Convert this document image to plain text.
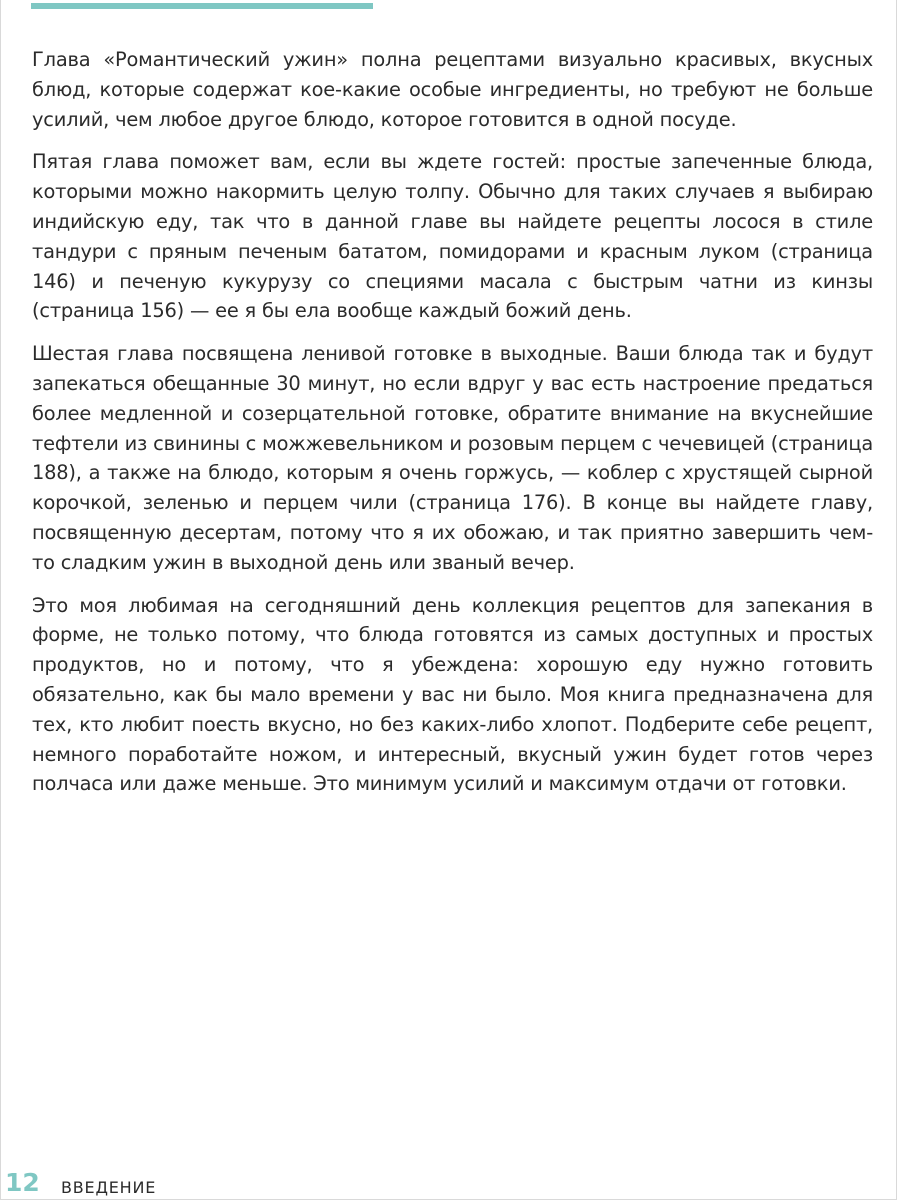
Глава «Романтический ужин» полна рецептами визуально красивых, вкусных блюд, которые содержат кое-какие особые ингредиенты, но требуют не больше усилий, чем любое другое блюдо, которое готовится в одной посуде.

Пятая глава поможет вам, если вы ждете гостей: простые запеченные блюда, которыми можно накормить целую толпу. Обычно для таких случаев я выбираю индийскую еду, так что в данной главе вы найдете рецепты лосося в стиле тандури с пряным печеным бататом, помидорами и красным луком (страница 146) и печеную кукурузу со специями масала с быстрым чатни из кинзы (страница 156) — ее я бы ела вообще каждый божий день.

Шестая глава посвящена ленивой готовке в выходные. Ваши блюда так и будут запекаться обещанные 30 минут, но если вдруг у вас есть настроение предаться более медленной и созерцательной готовке, обратите внимание на вкуснейшие тефтели из свинины с можжевельником и розовым перцем с чечевицей (страница 188), а также на блюдо, которым я очень горжусь, — коблер с хрустящей сырной корочкой, зеленью и перцем чили (страница 176). В конце вы найдете главу, посвященную десертам, потому что я их обожаю, и так приятно завершить чем-то сладким ужин в выходной день или званый вечер.

Это моя любимая на сегодняшний день коллекция рецептов для запекания в форме, не только потому, что блюда готовятся из самых доступных и простых продуктов, но и потому, что я убеждена: хорошую еду нужно готовить обязательно, как бы мало времени у вас ни было. Моя книга предназначена для тех, кто любит поесть вкусно, но без каких-либо хлопот. Подберите себе рецепт, немного поработайте ножом, и интересный, вкусный ужин будет готов через полчаса или даже меньше. Это минимум усилий и максимум отдачи от готовки.

12 ВВЕДЕНИЕ
